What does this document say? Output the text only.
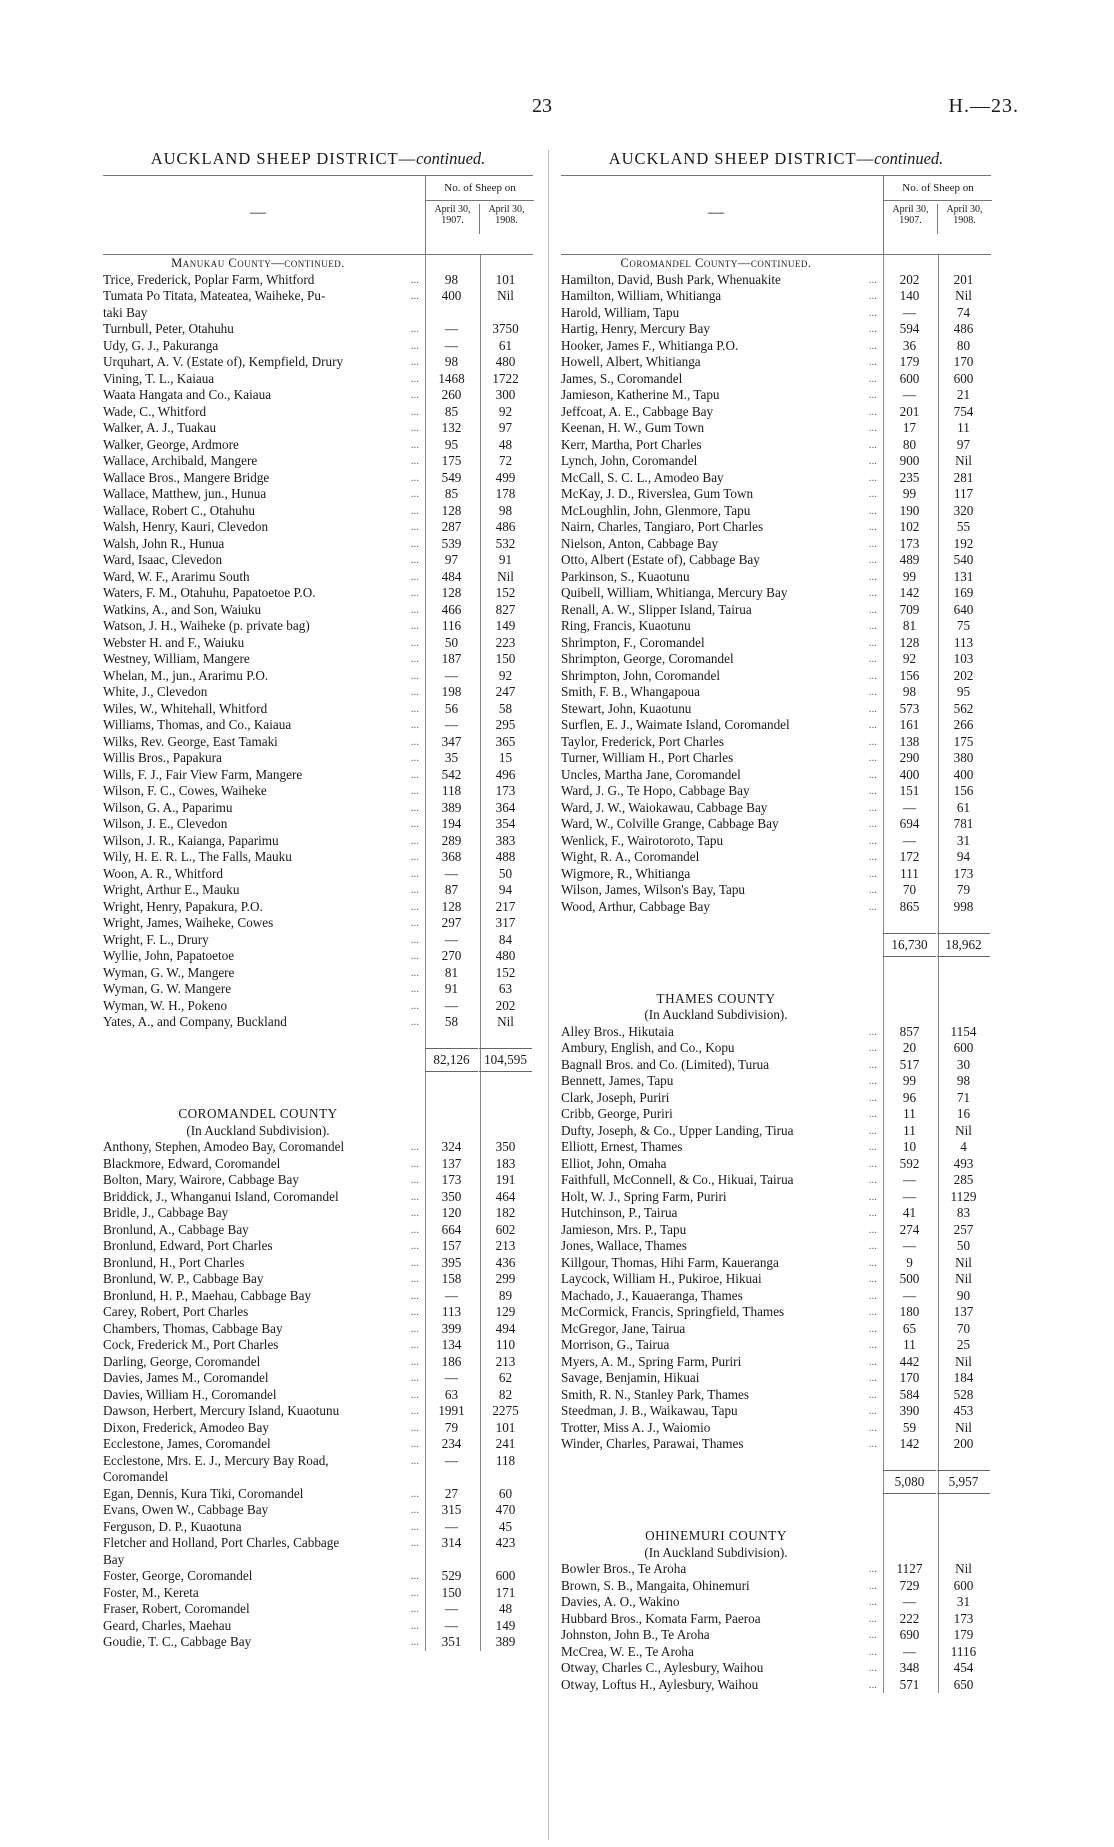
23	H.—23.
AUCKLAND SHEEP DISTRICT—continued.
—
No. of Sheep on
April 30, 1907.
April 30, 1908.
Manukau County—continued.
Trice, Frederick, Poplar Farm, Whitford	...	98	101
Tumata Po Titata, Mateatea, Waiheke, Pu-	...	400	Nil
taki Bay
Turnbull, Peter, Otahuhu	...	—	3750
Udy, G. J., Pakuranga	...	—	61
Urquhart, A. V. (Estate of), Kempfield, Drury	...	98	480
Vining, T. L., Kaiaua	...	1468	1722
Waata Hangata and Co., Kaiaua	...	260	300
Wade, C., Whitford	...	85	92
Walker, A. J., Tuakau	...	132	97
Walker, George, Ardmore	...	95	48
Wallace, Archibald, Mangere	...	175	72
Wallace Bros., Mangere Bridge	...	549	499
Wallace, Matthew, jun., Hunua	...	85	178
Wallace, Robert C., Otahuhu	...	128	98
Walsh, Henry, Kauri, Clevedon	...	287	486
Walsh, John R., Hunua	...	539	532
Ward, Isaac, Clevedon	...	97	91
Ward, W. F., Ararimu South	...	484	Nil
Waters, F. M., Otahuhu, Papatoetoe P.O.	...	128	152
Watkins, A., and Son, Waiuku	...	466	827
Watson, J. H., Waiheke (p. private bag)	...	116	149
Webster H. and F., Waiuku	...	50	223
Westney, William, Mangere	...	187	150
Whelan, M., jun., Ararimu P.O.	...	—	92
White, J., Clevedon	...	198	247
Wiles, W., Whitehall, Whitford	...	56	58
Williams, Thomas, and Co., Kaiaua	...	—	295
Wilks, Rev. George, East Tamaki	...	347	365
Willis Bros., Papakura	...	35	15
Wills, F. J., Fair View Farm, Mangere	...	542	496
Wilson, F. C., Cowes, Waiheke	...	118	173
Wilson, G. A., Paparimu	...	389	364
Wilson, J. E., Clevedon	...	194	354
Wilson, J. R., Kaianga, Paparimu	...	289	383
Wily, H. E. R. L., The Falls, Mauku	...	368	488
Woon, A. R., Whitford	...	—	50
Wright, Arthur E., Mauku	...	87	94
Wright, Henry, Papakura, P.O.	...	128	217
Wright, James, Waiheke, Cowes	...	297	317
Wright, F. L., Drury	...	—	84
Wyllie, John, Papatoetoe	...	270	480
Wyman, G. W., Mangere	...	81	152
Wyman, G. W. Mangere	...	91	63
Wyman, W. H., Pokeno	...	—	202
Yates, A., and Company, Buckland	...	58	Nil
82,126	104,595
COROMANDEL COUNTY
(In Auckland Subdivision).
Anthony, Stephen, Amodeo Bay, Coromandel	...	324	350
Blackmore, Edward, Coromandel	...	137	183
Bolton, Mary, Wairore, Cabbage Bay	...	173	191
Briddick, J., Whanganui Island, Coromandel	...	350	464
Bridle, J., Cabbage Bay	...	120	182
Bronlund, A., Cabbage Bay	...	664	602
Bronlund, Edward, Port Charles	...	157	213
Bronlund, H., Port Charles	...	395	436
Bronlund, W. P., Cabbage Bay	...	158	299
Bronlund, H. P., Maehau, Cabbage Bay	...	—	89
Carey, Robert, Port Charles	...	113	129
Chambers, Thomas, Cabbage Bay	...	399	494
Cock, Frederick M., Port Charles	...	134	110
Darling, George, Coromandel	...	186	213
Davies, James M., Coromandel	...	—	62
Davies, William H., Coromandel	...	63	82
Dawson, Herbert, Mercury Island, Kuaotunu	...	1991	2275
Dixon, Frederick, Amodeo Bay	...	79	101
Ecclestone, James, Coromandel	...	234	241
Ecclestone, Mrs. E. J., Mercury Bay Road,	...	—	118
Coromandel
Egan, Dennis, Kura Tiki, Coromandel	...	27	60
Evans, Owen W., Cabbage Bay	...	315	470
Ferguson, D. P., Kuaotuna	...	—	45
Fletcher and Holland, Port Charles, Cabbage	...	314	423
Bay
Foster, George, Coromandel	...	529	600
Foster, M., Kereta	...	150	171
Fraser, Robert, Coromandel	...	—	48
Geard, Charles, Maehau	...	—	149
Goudie, T. C., Cabbage Bay	...	351	389
AUCKLAND SHEEP DISTRICT—continued.
—
No. of Sheep on
April 30, 1907.
April 30, 1908.
Coromandel County—continued.
Hamilton, David, Bush Park, Whenuakite	...	202	201
Hamilton, William, Whitianga	...	140	Nil
Harold, William, Tapu	...	—	74
Hartig, Henry, Mercury Bay	...	594	486
Hooker, James F., Whitianga P.O.	...	36	80
Howell, Albert, Whitianga	...	179	170
James, S., Coromandel	...	600	600
Jamieson, Katherine M., Tapu	...	—	21
Jeffcoat, A. E., Cabbage Bay	...	201	754
Keenan, H. W., Gum Town	...	17	11
Kerr, Martha, Port Charles	...	80	97
Lynch, John, Coromandel	...	900	Nil
McCall, S. C. L., Amodeo Bay	...	235	281
McKay, J. D., Riverslea, Gum Town	...	99	117
McLoughlin, John, Glenmore, Tapu	...	190	320
Nairn, Charles, Tangiaro, Port Charles	...	102	55
Nielson, Anton, Cabbage Bay	...	173	192
Otto, Albert (Estate of), Cabbage Bay	...	489	540
Parkinson, S., Kuaotunu	...	99	131
Quibell, William, Whitianga, Mercury Bay	...	142	169
Renall, A. W., Slipper Island, Tairua	...	709	640
Ring, Francis, Kuaotunu	...	81	75
Shrimpton, F., Coromandel	...	128	113
Shrimpton, George, Coromandel	...	92	103
Shrimpton, John, Coromandel	...	156	202
Smith, F. B., Whangapoua	...	98	95
Stewart, John, Kuaotunu	...	573	562
Surflen, E. J., Waimate Island, Coromandel	...	161	266
Taylor, Frederick, Port Charles	...	138	175
Turner, William H., Port Charles	...	290	380
Uncles, Martha Jane, Coromandel	...	400	400
Ward, J. G., Te Hopo, Cabbage Bay	...	151	156
Ward, J. W., Waiokawau, Cabbage Bay	...	—	61
Ward, W., Colville Grange, Cabbage Bay	...	694	781
Wenlick, F., Wairotoroto, Tapu	...	—	31
Wight, R. A., Coromandel	...	172	94
Wigmore, R., Whitianga	...	111	173
Wilson, James, Wilson's Bay, Tapu	...	70	79
Wood, Arthur, Cabbage Bay	...	865	998
16,730	18,962
THAMES COUNTY
(In Auckland Subdivision).
Alley Bros., Hikutaia	...	857	1154
Ambury, English, and Co., Kopu	...	20	600
Bagnall Bros. and Co. (Limited), Turua	...	517	30
Bennett, James, Tapu	...	99	98
Clark, Joseph, Puriri	...	96	71
Cribb, George, Puriri	...	11	16
Dufty, Joseph, & Co., Upper Landing, Tirua	...	11	Nil
Elliott, Ernest, Thames	...	10	4
Elliot, John, Omaha	...	592	493
Faithfull, McConnell, & Co., Hikuai, Tairua	...	—	285
Holt, W. J., Spring Farm, Puriri	...	—	1129
Hutchinson, P., Tairua	...	41	83
Jamieson, Mrs. P., Tapu	...	274	257
Jones, Wallace, Thames	...	—	50
Killgour, Thomas, Hihi Farm, Kaueranga	...	9	Nil
Laycock, William H., Pukiroe, Hikuai	...	500	Nil
Machado, J., Kauaeranga, Thames	...	—	90
McCormick, Francis, Springfield, Thames	...	180	137
McGregor, Jane, Tairua	...	65	70
Morrison, G., Tairua	...	11	25
Myers, A. M., Spring Farm, Puriri	...	442	Nil
Savage, Benjamin, Hikuai	...	170	184
Smith, R. N., Stanley Park, Thames	...	584	528
Steedman, J. B., Waikawau, Tapu	...	390	453
Trotter, Miss A. J., Waiomio	...	59	Nil
Winder, Charles, Parawai, Thames	...	142	200
5,080	5,957
OHINEMURI COUNTY
(In Auckland Subdivision).
Bowler Bros., Te Aroha	...	1127	Nil
Brown, S. B., Mangaita, Ohinemuri	...	729	600
Davies, A. O., Wakino	...	—	31
Hubbard Bros., Komata Farm, Paeroa	...	222	173
Johnston, John B., Te Aroha	...	690	179
McCrea, W. E., Te Aroha	...	—	1116
Otway, Charles C., Aylesbury, Waihou	...	348	454
Otway, Loftus H., Aylesbury, Waihou	...	571	650
